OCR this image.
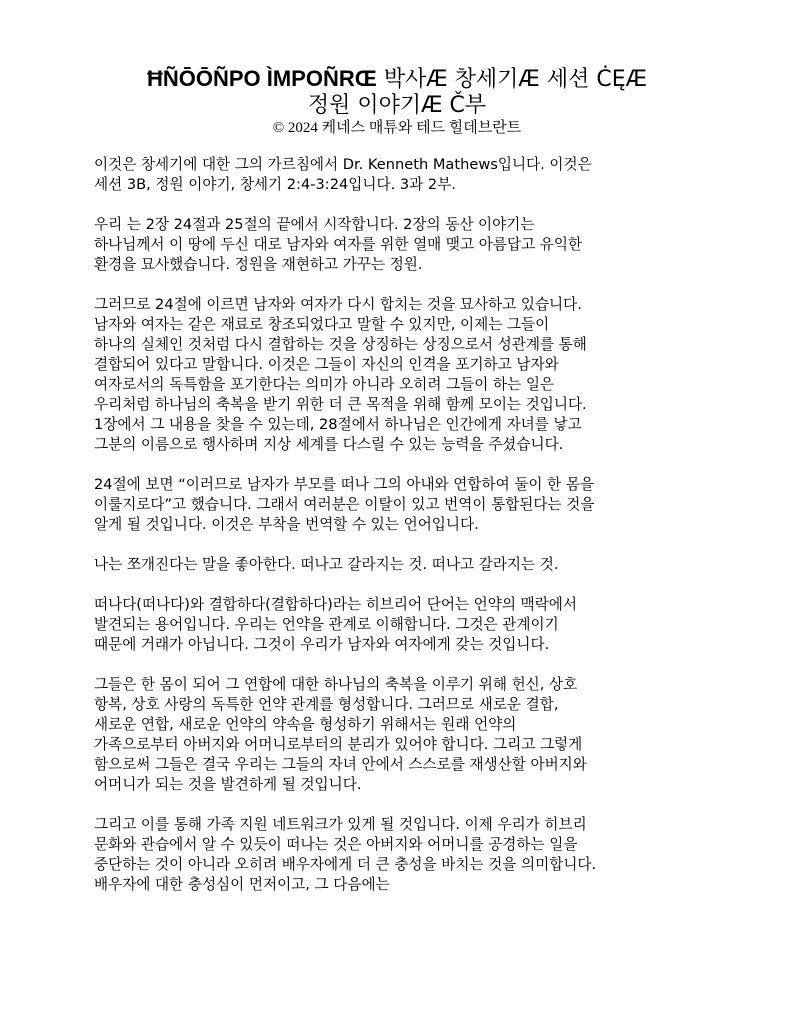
ĦÑŌŌÑPO ÌMPOÑRŒ 박사Æ 창세기Æ 세션 ĊĘÆ

정원 이야기Æ Č부

© 2024 케네스 매튜와 테드 힐데브란트

이것은 창세기에 대한 그의 가르침에서 Dr. Kenneth Mathews입니다. 이것은
세션 3B, 정원 이야기, 창세기 2:4-3:24입니다. 3과 2부.
우리 는 2장 24절과 25절의 끝에서 시작합니다. 2장의 동산 이야기는
하나님께서 이 땅에 두신 대로 남자와 여자를 위한 열매 맺고 아름답고 유익한
환경을 묘사했습니다. 정원을 재현하고 가꾸는 정원.
그러므로 24절에 이르면 남자와 여자가 다시 합치는 것을 묘사하고 있습니다.
남자와 여자는 같은 재료로 창조되었다고 말할 수 있지만, 이제는 그들이
하나의 실체인 것처럼 다시 결합하는 것을 상징하는 상징으로서 성관계를 통해
결합되어 있다고 말합니다. 이것은 그들이 자신의 인격을 포기하고 남자와
여자로서의 독특함을 포기한다는 의미가 아니라 오히려 그들이 하는 일은
우리처럼 하나님의 축복을 받기 위한 더 큰 목적을 위해 함께 모이는 것입니다.
1장에서 그 내용을 찾을 수 있는데, 28절에서 하나님은 인간에게 자녀를 낳고
그분의 이름으로 행사하며 지상 세계를 다스릴 수 있는 능력을 주셨습니다.
24절에 보면 “이러므로 남자가 부모를 떠나 그의 아내와 연합하여 둘이 한 몸을
이룰지로다”고 했습니다. 그래서 여러분은 이탈이 있고 번역이 통합된다는 것을
알게 될 것입니다. 이것은 부착을 번역할 수 있는 언어입니다.
나는 쪼개진다는 말을 좋아한다. 떠나고 갈라지는 것. 떠나고 갈라지는 것.
떠나다(떠나다)와 결합하다(결합하다)라는 히브리어 단어는 언약의 맥락에서
발견되는 용어입니다. 우리는 언약을 관계로 이해합니다. 그것은 관계이기
때문에 거래가 아닙니다. 그것이 우리가 남자와 여자에게 갖는 것입니다.
그들은 한 몸이 되어 그 연합에 대한 하나님의 축복을 이루기 위해 헌신, 상호
항복, 상호 사랑의 독특한 언약 관계를 형성합니다. 그러므로 새로운 결합,
새로운 연합, 새로운 언약의 약속을 형성하기 위해서는 원래 언약의
가족으로부터 아버지와 어머니로부터의 분리가 있어야 합니다. 그리고 그렇게
함으로써 그들은 결국 우리는 그들의 자녀 안에서 스스로를 재생산할 아버지와
어머니가 되는 것을 발견하게 될 것입니다.
그리고 이를 통해 가족 지원 네트워크가 있게 될 것입니다. 이제 우리가 히브리
문화와 관습에서 알 수 있듯이 떠나는 것은 아버지와 어머니를 공경하는 일을
중단하는 것이 아니라 오히려 배우자에게 더 큰 충성을 바치는 것을 의미합니다.
배우자에 대한 충성심이 먼저이고, 그 다음에는
